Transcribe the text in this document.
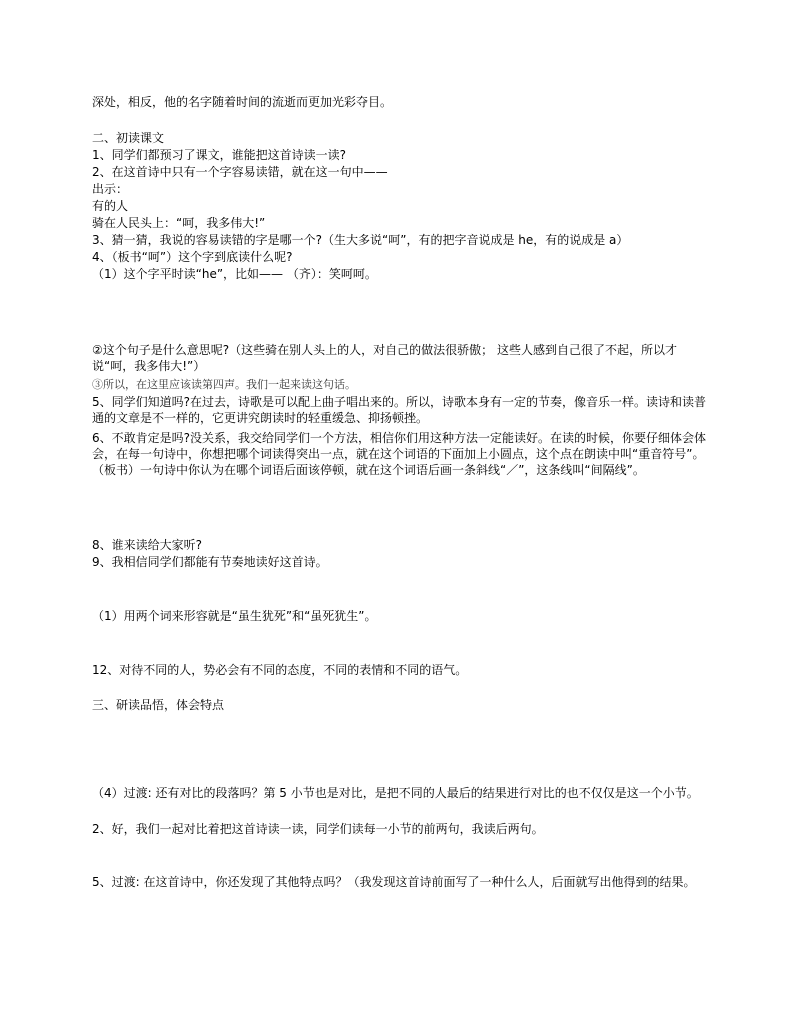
深处，相反，他的名字随着时间的流逝而更加光彩夺目。
二、初读课文
1、同学们都预习了课文，谁能把这首诗读一读?
2、在这首诗中只有一个字容易读错，就在这一句中——
出示：
有的人
骑在人民头上：“呵，我多伟大!”
3、猜一猜，我说的容易读错的字是哪一个?（生大多说“呵”，有的把字音说成是 he，有的说成是 a）
4、（板书“呵”）这个字到底读什么呢?
（1）这个字平时读“he”，比如—— （齐）：笑呵呵。
②这个句子是什么意思呢?（这些骑在别人头上的人，对自己的做法很骄傲； 这些人感到自己很了不起，所以才说“呵，我多伟大!”）
③所以，在这里应该读第四声。我们一起来读这句话。
5、同学们知道吗?在过去，诗歌是可以配上曲子唱出来的。所以，诗歌本身有一定的节奏，像音乐一样。读诗和读普通的文章是不一样的，它更讲究朗读时的轻重缓急、抑扬顿挫。
6、不敢肯定是吗?没关系，我交给同学们一个方法，相信你们用这种方法一定能读好。在读的时候，你要仔细体会体会，在每一句诗中，你想把哪个词读得突出一点，就在这个词语的下面加上小圆点，这个点在朗读中叫“重音符号”。（板书）一句诗中你认为在哪个词语后面该停顿，就在这个词语后画一条斜线“／”，这条线叫“间隔线”。
8、谁来读给大家听?
9、我相信同学们都能有节奏地读好这首诗。
（1）用两个词来形容就是“虽生犹死”和“虽死犹生”。
12、对待不同的人，势必会有不同的态度，不同的表情和不同的语气。
三、研读品悟，体会特点
（4）过渡: 还有对比的段落吗？第 5 小节也是对比，是把不同的人最后的结果进行对比的也不仅仅是这一个小节。
2、好，我们一起对比着把这首诗读一读，同学们读每一小节的前两句，我读后两句。
5、过渡: 在这首诗中，你还发现了其他特点吗？（我发现这首诗前面写了一种什么人，后面就写出他得到的结果。
